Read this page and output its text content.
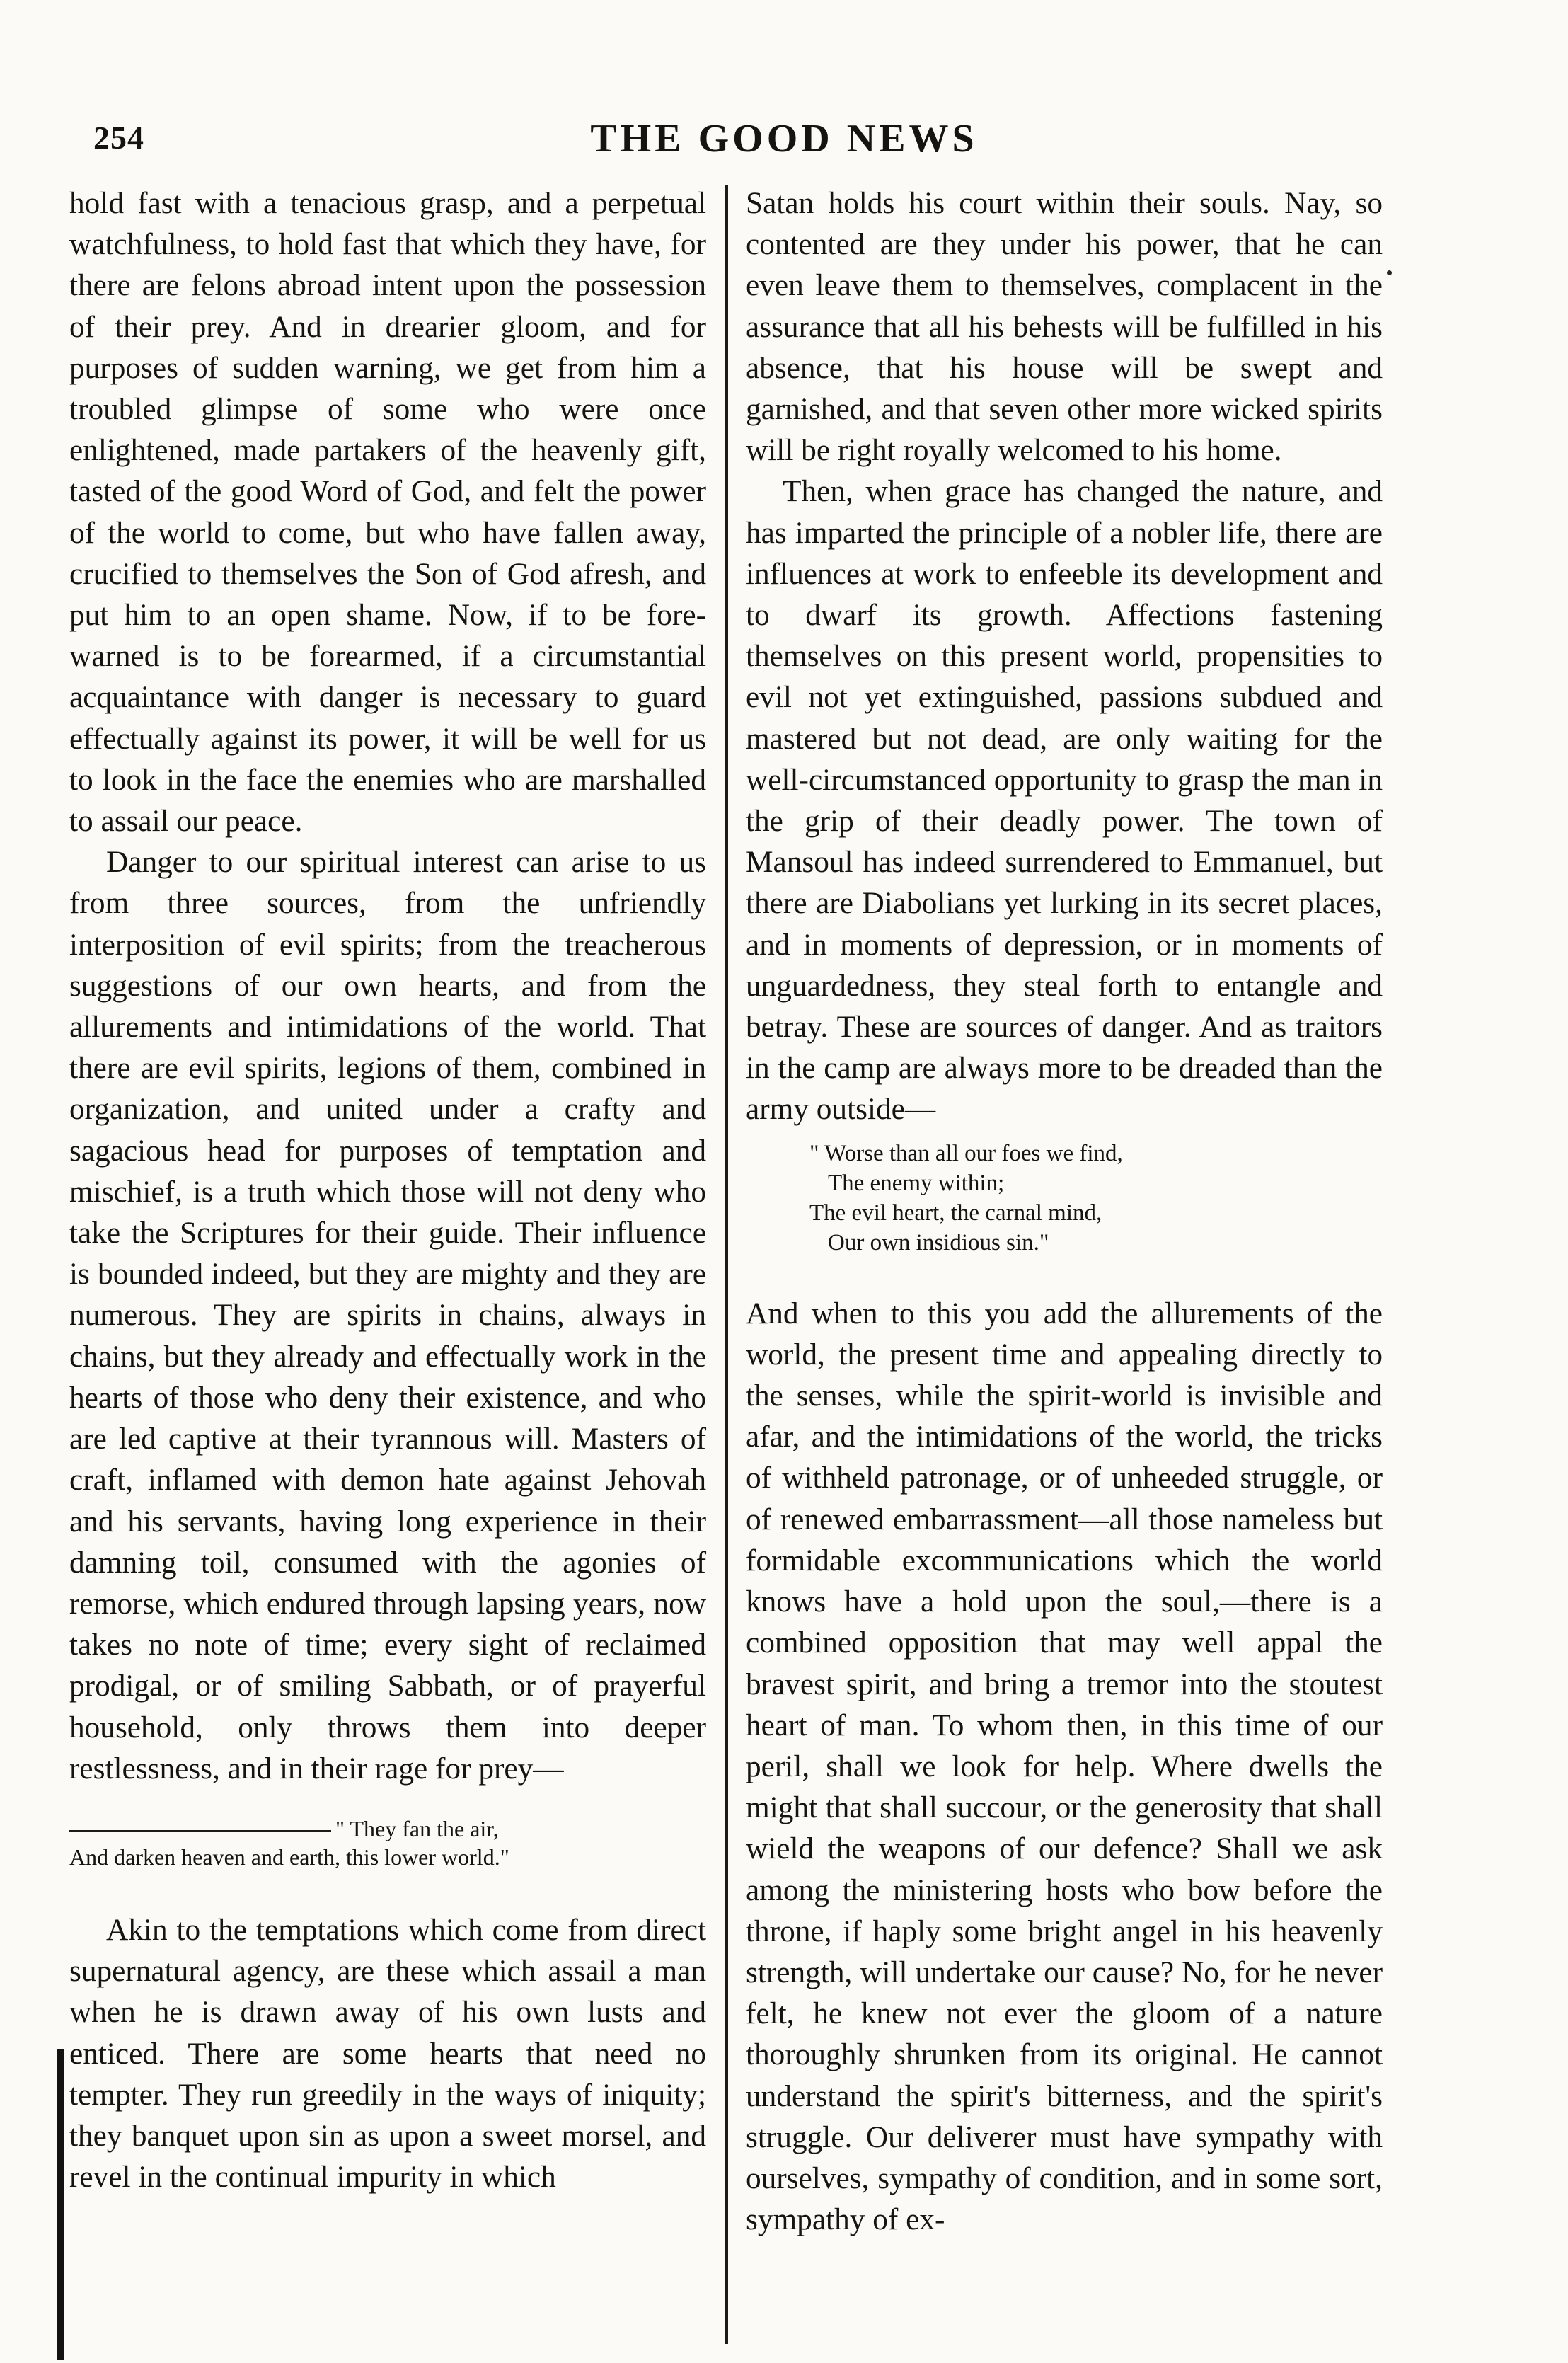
254	THE GOOD NEWS

hold fast with a tenacious grasp, and a perpetual watchfulness, to hold fast that which they have, for there are felons abroad intent upon the possession of their prey. And in drearier gloom, and for purposes of sudden warning, we get from him a troubled glimpse of some who were once enlightened, made partakers of the heavenly gift, tasted of the good Word of God, and felt the power of the world to come, but who have fallen away, crucified to themselves the Son of God afresh, and put him to an open shame. Now, if to be fore-warned is to be forearmed, if a circumstantial acquaintance with danger is necessary to guard effectually against its power, it will be well for us to look in the face the enemies who are marshalled to assail our peace.

Danger to our spiritual interest can arise to us from three sources, from the unfriendly interposition of evil spirits; from the treacherous suggestions of our own hearts, and from the allurements and intimidations of the world. That there are evil spirits, legions of them, combined in organization, and united under a crafty and sagacious head for purposes of temptation and mischief, is a truth which those will not deny who take the Scriptures for their guide. Their influence is bounded indeed, but they are mighty and they are numerous. They are spirits in chains, always in chains, but they already and effectually work in the hearts of those who deny their existence, and who are led captive at their tyrannous will. Masters of craft, inflamed with demon hate against Jehovah and his servants, having long experience in their damning toil, consumed with the agonies of remorse, which endured through lapsing years, now takes no note of time; every sight of reclaimed prodigal, or of smiling Sabbath, or of prayerful household, only throws them into deeper restlessness, and in their rage for prey—

" They fan the air,
And darken heaven and earth, this lower world."

Akin to the temptations which come from direct supernatural agency, are these which assail a man when he is drawn away of his own lusts and enticed. There are some hearts that need no tempter. They run greedily in the ways of iniquity; they banquet upon sin as upon a sweet morsel, and revel in the continual impurity in which

Satan holds his court within their souls. Nay, so contented are they under his power, that he can even leave them to themselves, complacent in the assurance that all his behests will be fulfilled in his absence, that his house will be swept and garnished, and that seven other more wicked spirits will be right royally welcomed to his home.

Then, when grace has changed the nature, and has imparted the principle of a nobler life, there are influences at work to enfeeble its development and to dwarf its growth. Affections fastening themselves on this present world, propensities to evil not yet extinguished, passions subdued and mastered but not dead, are only waiting for the well-circumstanced opportunity to grasp the man in the grip of their deadly power. The town of Mansoul has indeed surrendered to Emmanuel, but there are Diabolians yet lurking in its secret places, and in moments of depression, or in moments of unguardedness, they steal forth to entangle and betray. These are sources of danger. And as traitors in the camp are always more to be dreaded than the army outside—

" Worse than all our foes we find,
The enemy within;
The evil heart, the carnal mind,
Our own insidious sin."

And when to this you add the allurements of the world, the present time and appealing directly to the senses, while the spirit-world is invisible and afar, and the intimidations of the world, the tricks of withheld patronage, or of unheeded struggle, or of renewed embarrassment—all those nameless but formidable excommunications which the world knows have a hold upon the soul,—there is a combined opposition that may well appal the bravest spirit, and bring a tremor into the stoutest heart of man. To whom then, in this time of our peril, shall we look for help. Where dwells the might that shall succour, or the generosity that shall wield the weapons of our defence? Shall we ask among the ministering hosts who bow before the throne, if haply some bright angel in his heavenly strength, will undertake our cause? No, for he never felt, he knew not ever the gloom of a nature thoroughly shrunken from its original. He cannot understand the spirit's bitterness, and the spirit's struggle. Our deliverer must have sympathy with ourselves, sympathy of condition, and in some sort, sympathy of ex-
